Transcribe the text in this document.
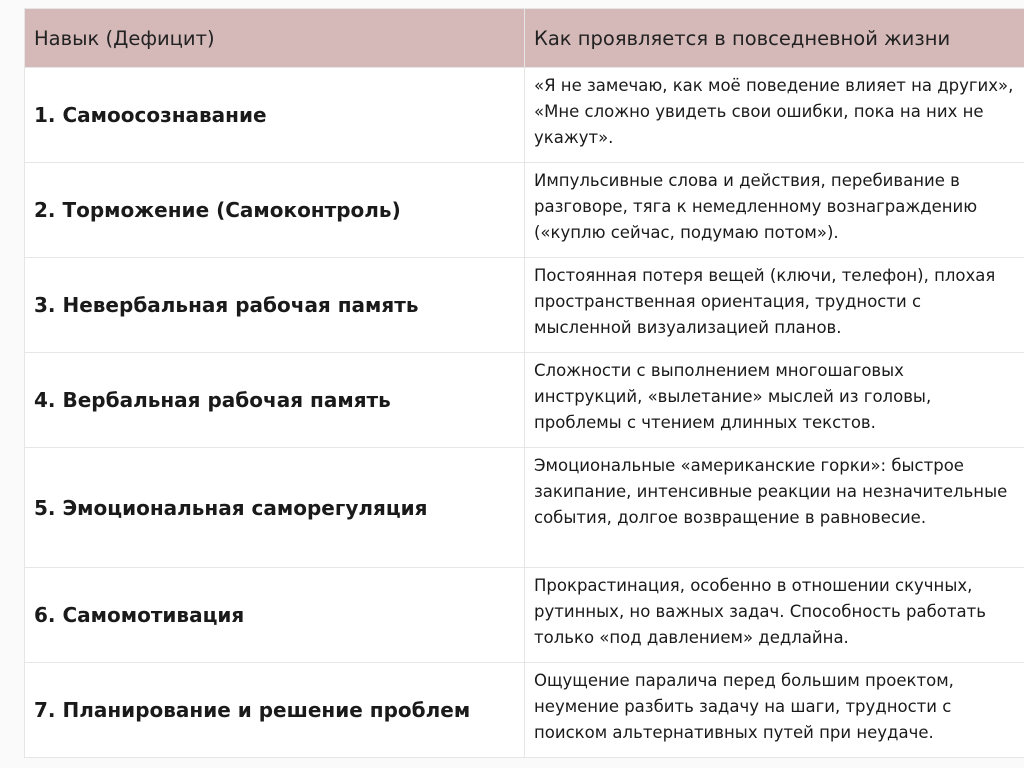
Навык (Дефицит)	Как проявляется в повседневной жизни
1. Самоосознавание	«Я не замечаю, как моё поведение влияет на других», «Мне сложно увидеть свои ошибки, пока на них не укажут».
2. Торможение (Самоконтроль)	Импульсивные слова и действия, перебивание в разговоре, тяга к немедленному вознаграждению («куплю сейчас, подумаю потом»).
3. Невербальная рабочая память	Постоянная потеря вещей (ключи, телефон), плохая пространственная ориентация, трудности с мысленной визуализацией планов.
4. Вербальная рабочая память	Сложности с выполнением многошаговых инструкций, «вылетание» мыслей из головы, проблемы с чтением длинных текстов.
5. Эмоциональная саморегуляция	Эмоциональные «американские горки»: быстрое закипание, интенсивные реакции на незначительные события, долгое возвращение в равновесие.
6. Самомотивация	Прокрастинация, особенно в отношении скучных, рутинных, но важных задач. Способность работать только «под давлением» дедлайна.
7. Планирование и решение проблем	Ощущение паралича перед большим проектом, неумение разбить задачу на шаги, трудности с поиском альтернативных путей при неудаче.
